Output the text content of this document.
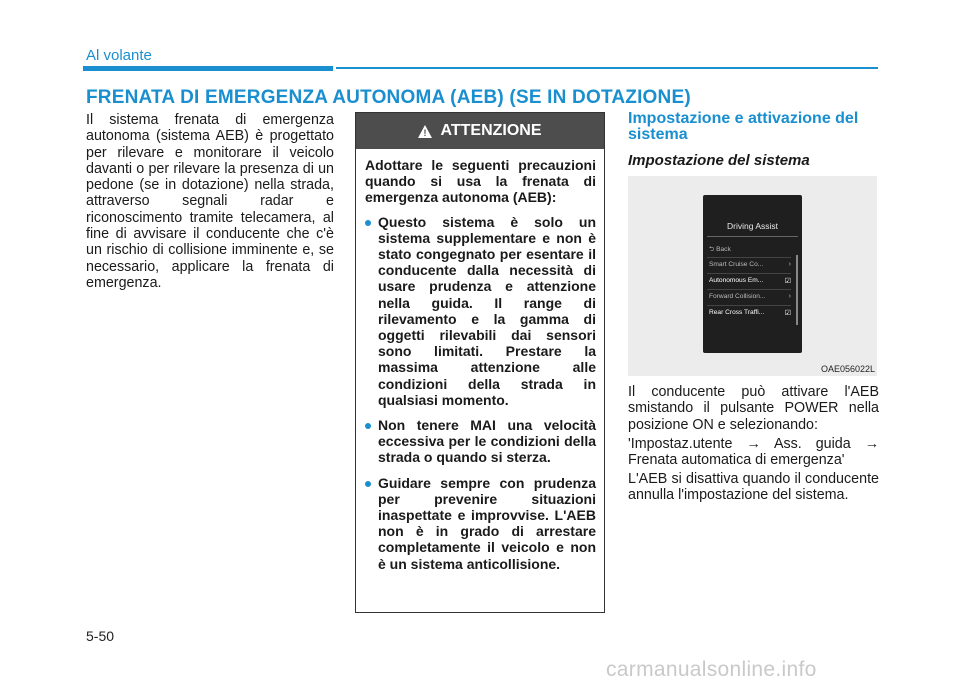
Al volante
FRENATA DI EMERGENZA AUTONOMA (AEB) (SE IN DOTAZIONE)
Il sistema frenata di emergenza autonoma (sistema AEB) è progettato per rilevare e monitorare il veicolo davanti o per rilevare la presenza di un pedone (se in dotazione) nella strada, attraverso segnali radar e riconoscimento tramite telecamera, al fine di avvisare il conducente che c'è un rischio di collisione imminente e, se necessario, applicare la frenata di emergenza.
! ATTENZIONE

Adottare le seguenti precauzioni quando si usa la frenata di emergenza autonoma (AEB):

Questo sistema è solo un sistema supplementare e non è stato congegnato per esentare il conducente dalla necessità di usare prudenza e attenzione nella guida. Il range di rilevamento e la gamma di oggetti rilevabili dai sensori sono limitati. Prestare la massima attenzione alle condizioni della strada in qualsiasi momento.
Non tenere MAI una velocità eccessiva per le condizioni della strada o quando si sterza.
Guidare sempre con prudenza per prevenire situazioni inaspettate e improvvise. L'AEB non è in grado di arrestare completamente il veicolo e non è un sistema anticollisione.
Impostazione e attivazione del sistema
Impostazione del sistema
Driving Assist
⮌ Back
Smart Cruise Co...	›
Autonomous Em...	☑
Forward Collision...	›
Rear Cross Traffi...	☑
OAE056022L
Il conducente può attivare l'AEB smistando il pulsante POWER nella posizione ON e selezionando:
'Impostaz.utente → Ass. guida → Frenata automatica di emergenza'
L'AEB si disattiva quando il conducente annulla l'impostazione del sistema.
5-50
carmanualsonline.info
